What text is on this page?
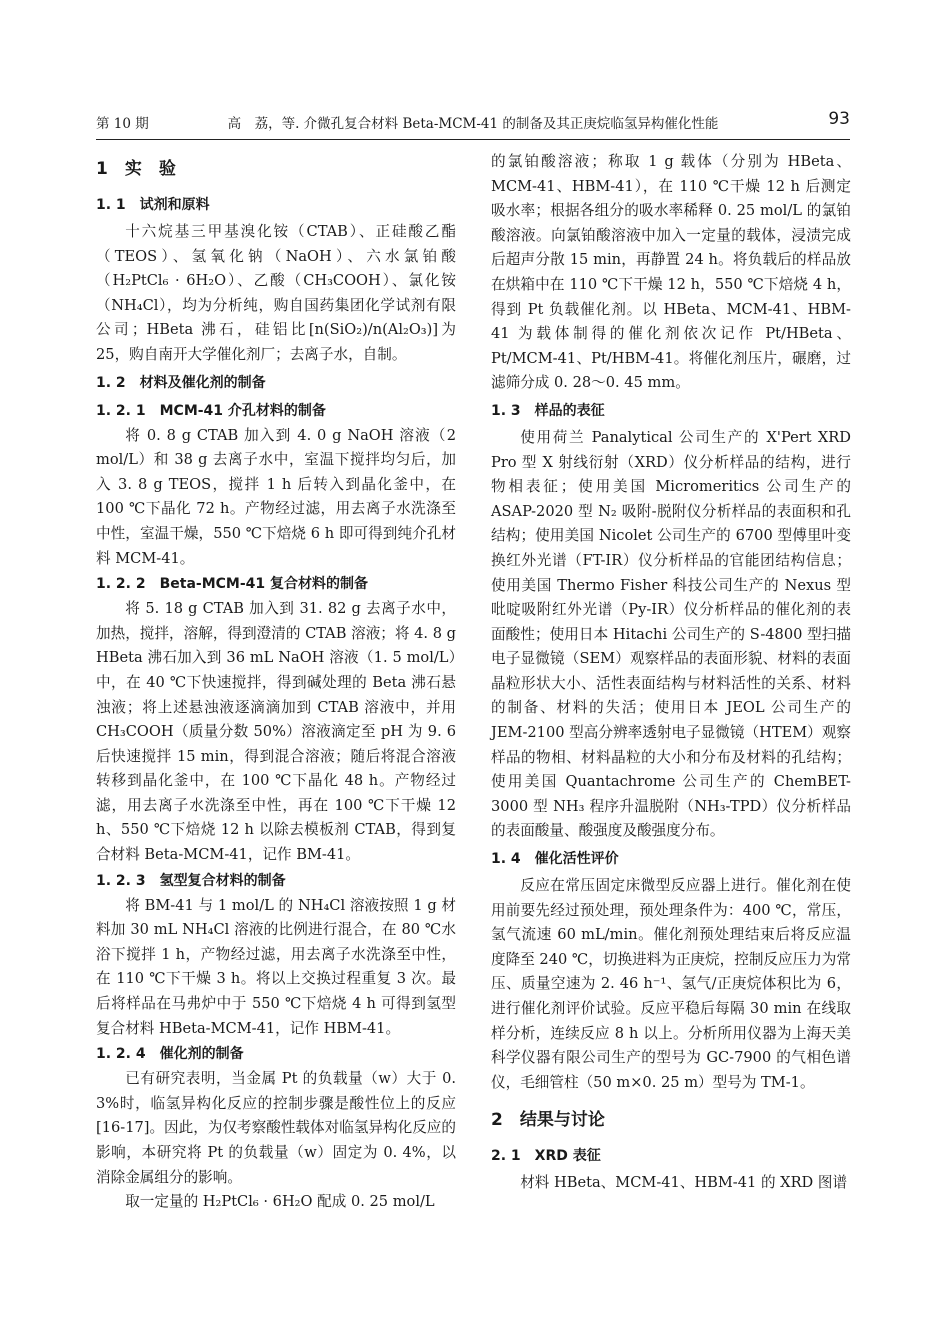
第 10 期	高　荔，等. 介微孔复合材料 Beta-MCM-41 的制备及其正庚烷临氢异构催化性能	93
1　实　验
1. 1　试剂和原料

十六烷基三甲基溴化铵（CTAB）、正硅酸乙酯（TEOS）、氢氧化钠（NaOH）、六水氯铂酸（H₂PtCl₆ · 6H₂O）、乙酸（CH₃COOH）、氯化铵（NH₄Cl），均为分析纯，购自国药集团化学试剂有限公司；HBeta 沸石，硅铝比[n(SiO₂)/n(Al₂O₃)]为 25，购自南开大学催化剂厂；去离子水，自制。

1. 2　材料及催化剂的制备
1. 2. 1　MCM-41 介孔材料的制备

将 0. 8 g CTAB 加入到 4. 0 g NaOH 溶液（2 mol/L）和 38 g 去离子水中，室温下搅拌均匀后，加入 3. 8 g TEOS，搅拌 1 h 后转入到晶化釜中，在 100 ℃下晶化 72 h。产物经过滤，用去离子水洗涤至中性，室温干燥，550 ℃下焙烧 6 h 即可得到纯介孔材料 MCM-41。

1. 2. 2　Beta-MCM-41 复合材料的制备

将 5. 18 g CTAB 加入到 31. 82 g 去离子水中，加热，搅拌，溶解，得到澄清的 CTAB 溶液；将 4. 8 g HBeta 沸石加入到 36 mL NaOH 溶液（1. 5 mol/L）中，在 40 ℃下快速搅拌，得到碱处理的 Beta 沸石悬浊液；将上述悬浊液逐滴滴加到 CTAB 溶液中，并用 CH₃COOH（质量分数 50%）溶液滴定至 pH 为 9. 6 后快速搅拌 15 min，得到混合溶液；随后将混合溶液转移到晶化釜中，在 100 ℃下晶化 48 h。产物经过滤，用去离子水洗涤至中性，再在 100 ℃下干燥 12 h、550 ℃下焙烧 12 h 以除去模板剂 CTAB，得到复合材料 Beta-MCM-41，记作 BM-41。

1. 2. 3　氢型复合材料的制备

将 BM-41 与 1 mol/L 的 NH₄Cl 溶液按照 1 g 材料加 30 mL NH₄Cl 溶液的比例进行混合，在 80 ℃水浴下搅拌 1 h，产物经过滤，用去离子水洗涤至中性，在 110 ℃下干燥 3 h。将以上交换过程重复 3 次。最后将样品在马弗炉中于 550 ℃下焙烧 4 h 可得到氢型复合材料 HBeta-MCM-41，记作 HBM-41。

1. 2. 4　催化剂的制备

已有研究表明，当金属 Pt 的负载量（w）大于 0. 3%时，临氢异构化反应的控制步骤是酸性位上的反应[16-17]。因此，为仅考察酸性载体对临氢异构化反应的影响，本研究将 Pt 的负载量（w）固定为 0. 4%，以消除金属组分的影响。

取一定量的 H₂PtCl₆ · 6H₂O 配成 0. 25 mol/L

的氯铂酸溶液；称取 1 g 载体（分别为 HBeta、MCM-41、HBM-41），在 110 ℃干燥 12 h 后测定吸水率；根据各组分的吸水率稀释 0. 25 mol/L 的氯铂酸溶液。向氯铂酸溶液中加入一定量的载体，浸渍完成后超声分散 15 min，再静置 24 h。将负载后的样品放在烘箱中在 110 ℃下干燥 12 h，550 ℃下焙烧 4 h，得到 Pt 负载催化剂。以 HBeta、MCM-41、HBM-41 为载体制得的催化剂依次记作 Pt/HBeta、Pt/MCM-41、Pt/HBM-41。将催化剂压片，碾磨，过滤筛分成 0. 28～0. 45 mm。

1. 3　样品的表征

使用荷兰 Panalytical 公司生产的 X'Pert XRD Pro 型 X 射线衍射（XRD）仪分析样品的结构，进行物相表征；使用美国 Micromeritics 公司生产的 ASAP-2020 型 N₂ 吸附-脱附仪分析样品的表面积和孔结构；使用美国 Nicolet 公司生产的 6700 型傅里叶变换红外光谱（FT-IR）仪分析样品的官能团结构信息；使用美国 Thermo Fisher 科技公司生产的 Nexus 型吡啶吸附红外光谱（Py-IR）仪分析样品的催化剂的表面酸性；使用日本 Hitachi 公司生产的 S-4800 型扫描电子显微镜（SEM）观察样品的表面形貌、材料的表面晶粒形状大小、活性表面结构与材料活性的关系、材料的制备、材料的失活；使用日本 JEOL 公司生产的 JEM-2100 型高分辨率透射电子显微镜（HTEM）观察样品的物相、材料晶粒的大小和分布及材料的孔结构；使用美国 Quantachrome 公司生产的 ChemBET-3000 型 NH₃ 程序升温脱附（NH₃-TPD）仪分析样品的表面酸量、酸强度及酸强度分布。

1. 4　催化活性评价

反应在常压固定床微型反应器上进行。催化剂在使用前要先经过预处理，预处理条件为：400 ℃，常压，氢气流速 60 mL/min。催化剂预处理结束后将反应温度降至 240 ℃，切换进料为正庚烷，控制反应压力为常压、质量空速为 2. 46 h⁻¹、氢气/正庚烷体积比为 6，进行催化剂评价试验。反应平稳后每隔 30 min 在线取样分析，连续反应 8 h 以上。分析所用仪器为上海天美科学仪器有限公司生产的型号为 GC-7900 的气相色谱仪，毛细管柱（50 m×0. 25 m）型号为 TM-1。

2　结果与讨论
2. 1　XRD 表征

材料 HBeta、MCM-41、HBM-41 的 XRD 图谱
